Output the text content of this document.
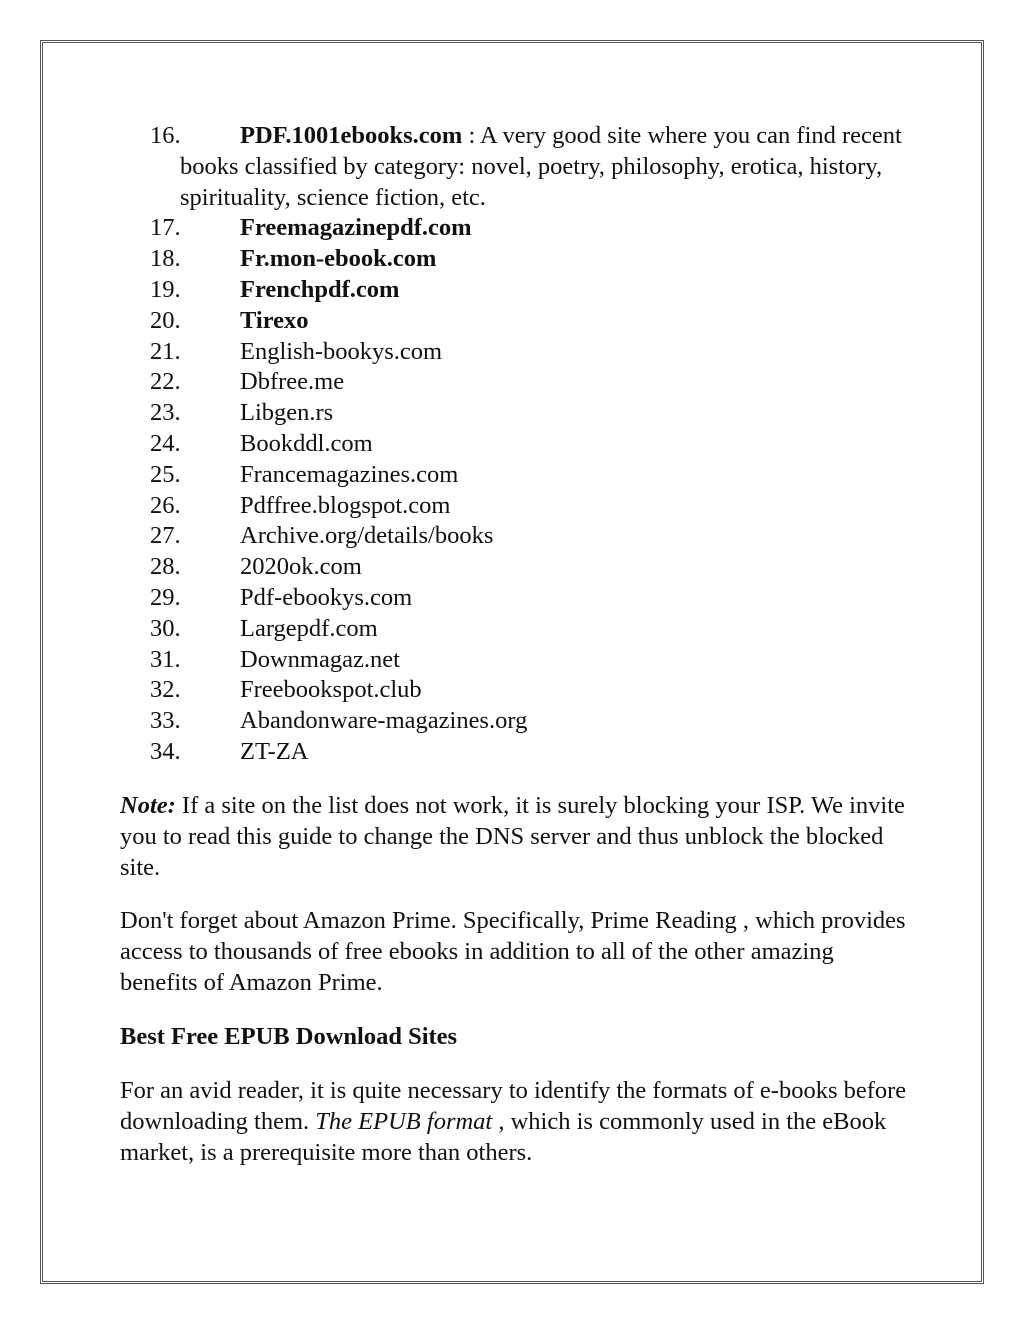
16. PDF.1001ebooks.com : A very good site where you can find recent books classified by category: novel, poetry, philosophy, erotica, history, spirituality, science fiction, etc.
17. Freemagazinepdf.com
18. Fr.mon-ebook.com
19. Frenchpdf.com
20. Tirexo
21. English-bookys.com
22. Dbfree.me
23. Libgen.rs
24. Bookddl.com
25. Francemagazines.com
26. Pdffree.blogspot.com
27. Archive.org/details/books
28. 2020ok.com
29. Pdf-ebookys.com
30. Largepdf.com
31. Downmagaz.net
32. Freebookspot.club
33. Abandonware-magazines.org
34. ZT-ZA

Note: If a site on the list does not work, it is surely blocking your ISP. We invite you to read this guide to change the DNS server and thus unblock the blocked site.

Don't forget about Amazon Prime. Specifically, Prime Reading , which provides access to thousands of free ebooks in addition to all of the other amazing benefits of Amazon Prime.

Best Free EPUB Download Sites

For an avid reader, it is quite necessary to identify the formats of e-books before downloading them. The EPUB format , which is commonly used in the eBook market, is a prerequisite more than others.
